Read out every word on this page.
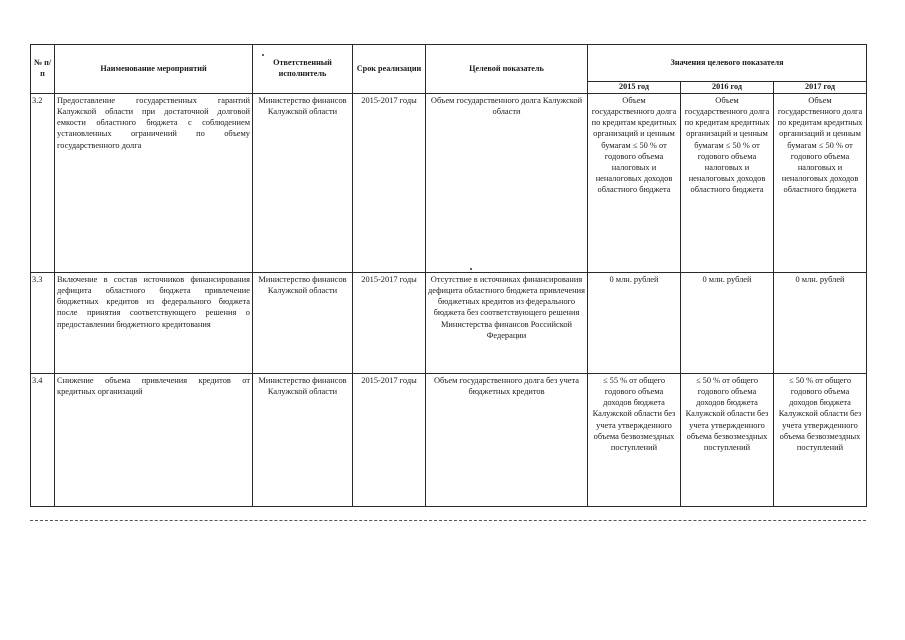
№ п/п	Наименование мероприятий	Ответственный исполнитель	Срок реализации	Целевой показатель	Значения целевого показателя		
					2015 год	2016 год	2017 год
3.2	Предоставление государственных гарантий Калужской области при достаточной долговой емкости областного бюджета с соблюдением установленных ограничений по объему государственного долга	Министерство финансов Калужской области	2015-2017 годы	Объем государственного долга Калужской области	Объем государственного долга по кредитам кредитных организаций и ценным бумагам ≤ 50 % от годового объема налоговых и неналоговых доходов областного бюджета	Объем государственного долга по кредитам кредитных организаций и ценным бумагам ≤ 50 % от годового объема налоговых и неналоговых доходов областного бюджета	Объем государственного долга по кредитам кредитных организаций и ценным бумагам ≤ 50 % от годового объема налоговых и неналоговых доходов областного бюджета
3.3	Включение в состав источников финансирования дефицита областного бюджета привлечение бюджетных кредитов из федерального бюджета после принятия соответствующего решения о предоставлении бюджетного кредитования	Министерство финансов Калужской области	2015-2017 годы	Отсутствие в источниках финансирования дефицита областного бюджета привлечения бюджетных кредитов из федерального бюджета без соответствующего решения Министерства финансов Российской Федерации	0 млн. рублей	0 млн. рублей	0 млн. рублей
3.4	Снижение объема привлечения кредитов от кредитных организаций	Министерство финансов Калужской области	2015-2017 годы	Объем государственного долга без учета бюджетных кредитов	≤ 55 % от общего годового объема доходов бюджета Калужской области без учета утвержденного объема безвозмездных поступлений	≤ 50 % от общего годового объема доходов бюджета Калужской области без учета утвержденного объема безвозмездных поступлений	≤ 50 % от общего годового объема доходов бюджета Калужской области без учета утвержденного объема безвозмездных поступлений
